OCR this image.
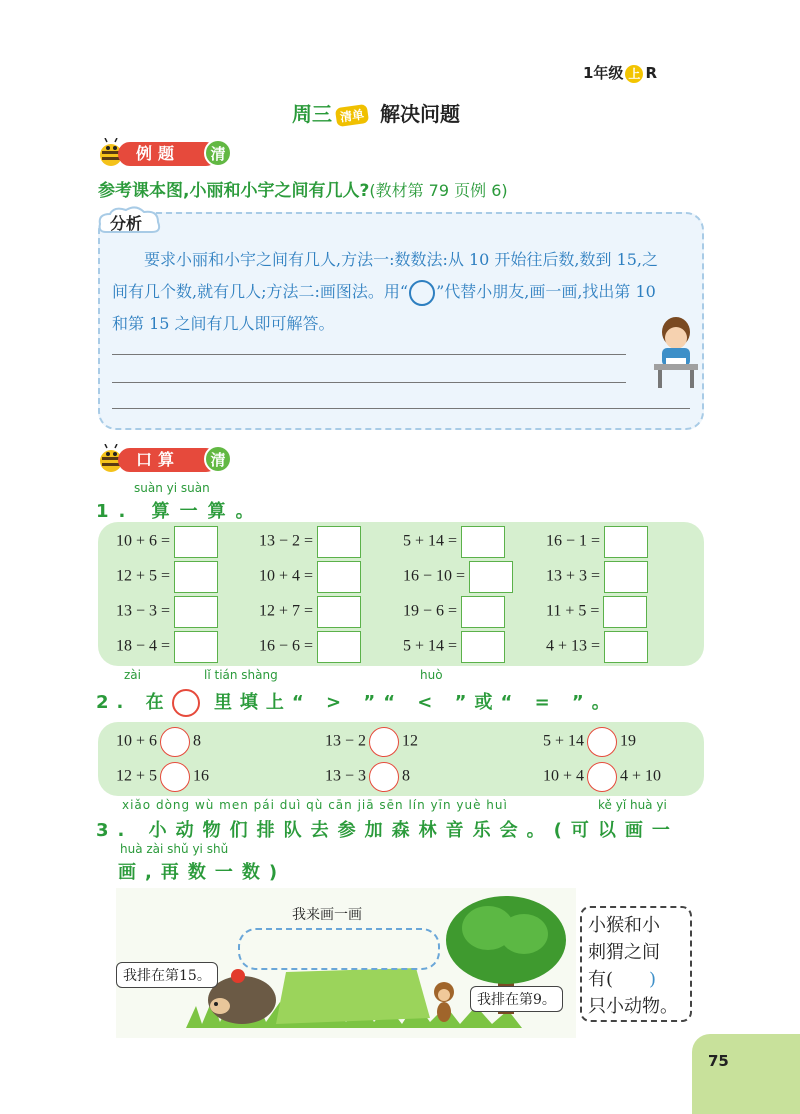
1年级 上 R
周三 清单 解决问题
例题	清
参考课本图,小丽和小宇之间有几人?(教材第 79 页例 6)
分析
　　要求小丽和小宇之间有几人,方法一:数数法:从 10 开始往后数,数到 15,之间有几个数,就有几人;方法二:画图法。用“ ”代替小朋友,画一画,找出第 10 和第 15 之间有几人即可解答。
口算	清
suàn yi suàn
1. 算一算。
10 + 6 =	13 − 2 =	5 + 14 =	16 − 1 =
12 + 5 =	10 + 4 =	16 − 10 =	13 + 3 =
13 − 3 =	12 + 7 =	19 − 6 =	11 + 5 =
18 − 4 =	16 − 6 =	5 + 14 =	4 + 13 =
zài	lǐ tián shàng	huò
2. 在 里填上“ > ”“ < ”或“ = ”。
10 + 6 8	13 − 2 12	5 + 14 19
12 + 5 16	13 − 3 8	10 + 4 4 + 10
xiǎo dòng wù men pái duì qù cān jiā sēn lín yīn yuè huì	kě yǐ huà yi
3. 小动物们排队去参加森林音乐会。(可以画一
huà zài shǔ yi shǔ
画,再数一数)
我来画一画
我排在第15。
我排在第9。
小猴和小
刺猬之间
有(　　 )
只小动物。
75
